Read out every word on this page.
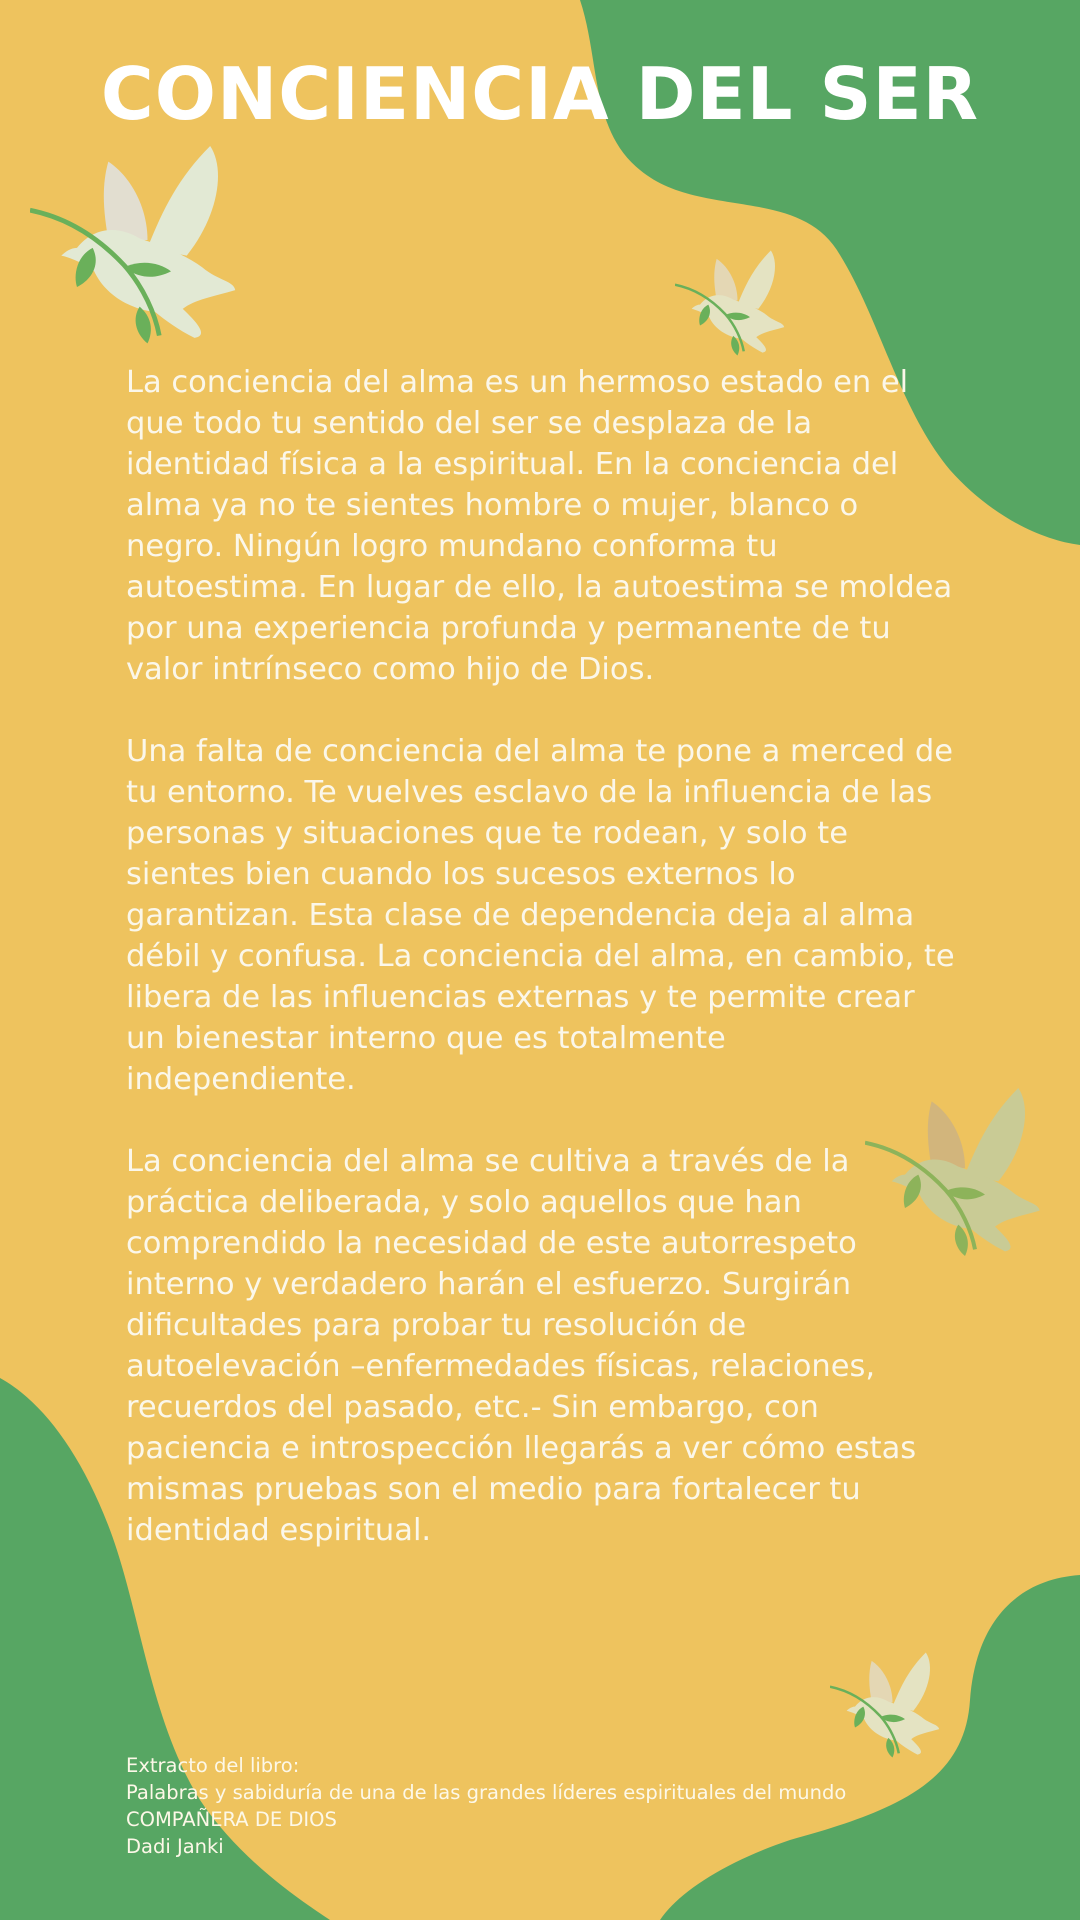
CONCIENCIA DEL SER

La conciencia del alma es un hermoso estado en el que todo tu sentido del ser se desplaza de la identidad física a la espiritual. En la conciencia del alma ya no te sientes hombre o mujer, blanco o negro. Ningún logro mundano conforma tu autoestima. En lugar de ello, la autoestima se moldea por una experiencia profunda y permanente de tu valor intrínseco como hijo de Dios.

Una falta de conciencia del alma te pone a merced de tu entorno. Te vuelves esclavo de la influencia de las personas y situaciones que te rodean, y solo te sientes bien cuando los sucesos externos lo garantizan. Esta clase de dependencia deja al alma débil y confusa. La conciencia del alma, en cambio, te libera de las influencias externas y te permite crear un bienestar interno que es totalmente independiente.

La conciencia del alma se cultiva a través de la práctica deliberada, y solo aquellos que han comprendido la necesidad de este autorrespeto interno y verdadero harán el esfuerzo. Surgirán dificultades para probar tu resolución de autoelevación –enfermedades físicas, relaciones, recuerdos del pasado, etc.- Sin embargo, con paciencia e introspección llegarás a ver cómo estas mismas pruebas son el medio para fortalecer tu identidad espiritual.

Extracto del libro:
Palabras y sabiduría de una de las grandes líderes espirituales del mundo
COMPAÑERA DE DIOS
Dadi Janki
